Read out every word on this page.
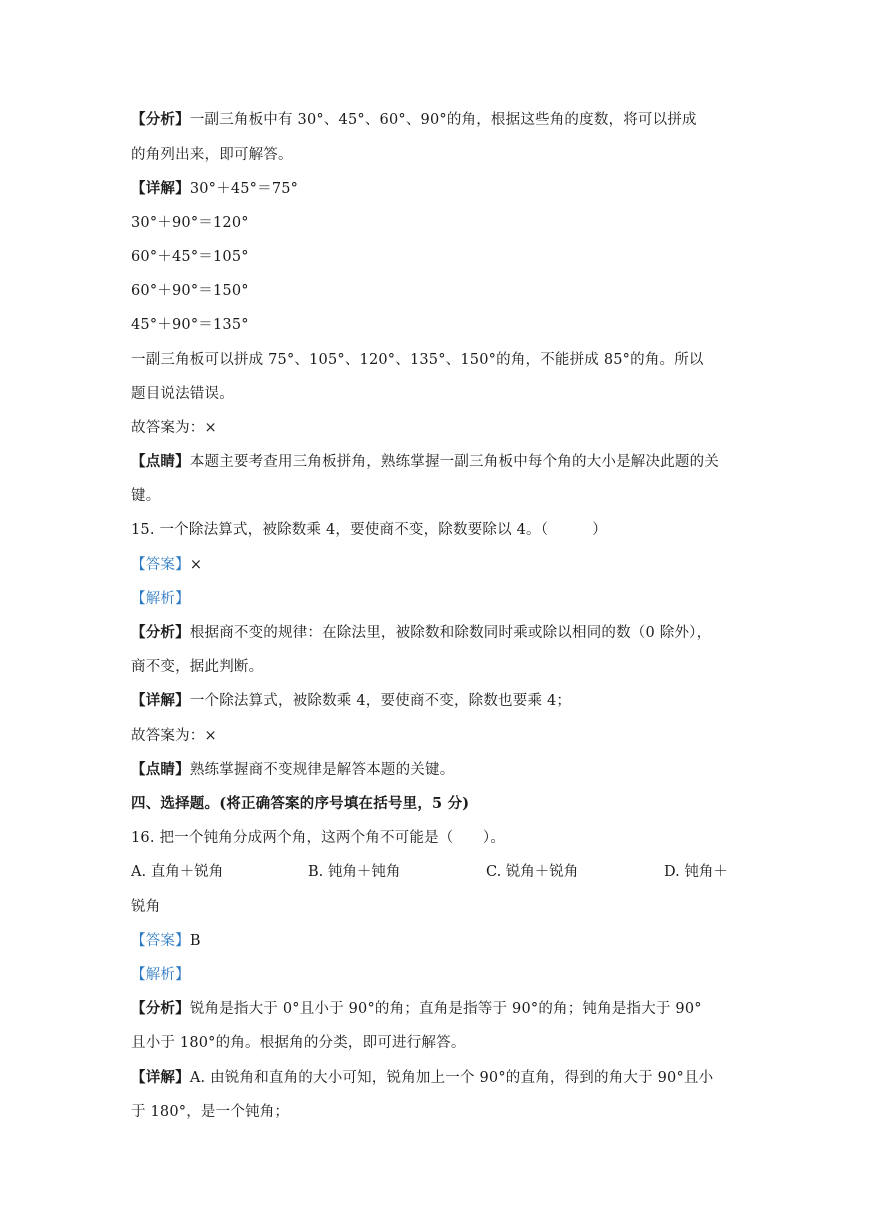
【分析】一副三角板中有 30°、45°、60°、90°的角，根据这些角的度数，将可以拼成
的角列出来，即可解答。
【详解】30°＋45°＝75°
30°＋90°＝120°
60°＋45°＝105°
60°＋90°＝150°
45°＋90°＝135°
一副三角板可以拼成 75°、105°、120°、135°、150°的角，不能拼成 85°的角。所以
题目说法错误。
故答案为：×
【点睛】本题主要考查用三角板拼角，熟练掌握一副三角板中每个角的大小是解决此题的关
键。
15. 一个除法算式，被除数乘 4，要使商不变，除数要除以 4。（　　　）
【答案】×
【解析】
【分析】根据商不变的规律：在除法里，被除数和除数同时乘或除以相同的数（0 除外），
商不变，据此判断。
【详解】一个除法算式，被除数乘 4，要使商不变，除数也要乘 4；
故答案为：×
【点睛】熟练掌握商不变规律是解答本题的关键。
四、选择题。(将正确答案的序号填在括号里，5 分)
16. 把一个钝角分成两个角，这两个角不可能是（　　）。
A. 直角＋锐角	B. 钝角＋钝角	C. 锐角＋锐角	D. 钝角＋
锐角
【答案】B
【解析】
【分析】锐角是指大于 0°且小于 90°的角；直角是指等于 90°的角；钝角是指大于 90°
且小于 180°的角。根据角的分类，即可进行解答。
【详解】A. 由锐角和直角的大小可知，锐角加上一个 90°的直角，得到的角大于 90°且小
于 180°，是一个钝角；
